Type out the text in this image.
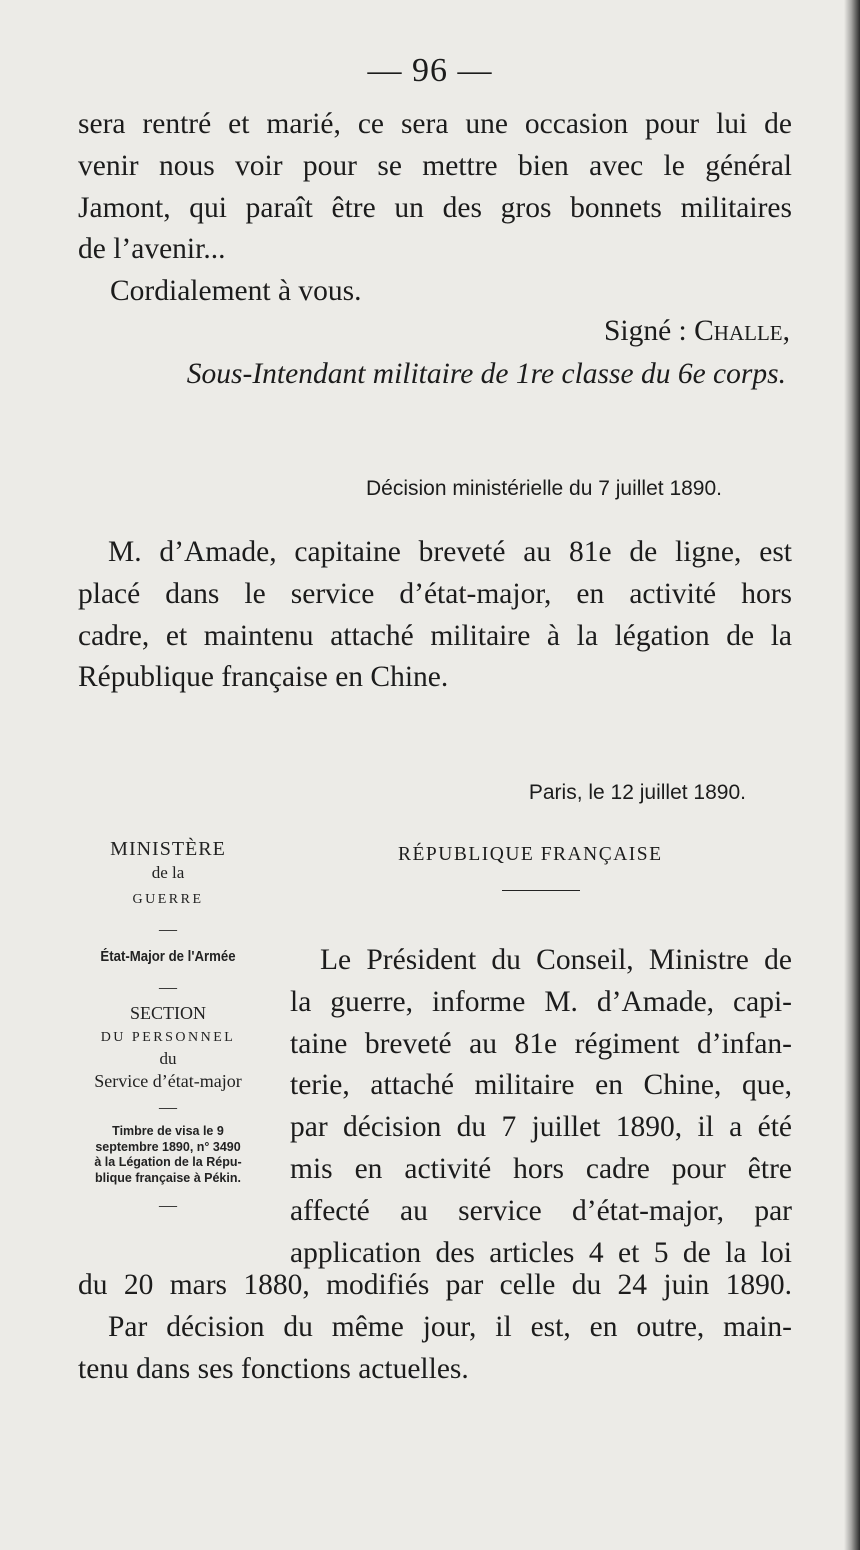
— 96 —
sera rentré et marié, ce sera une occasion pour lui de
venir nous voir pour se mettre bien avec le général
Jamont, qui paraît être un des gros bonnets militaires
de l’avenir...
Cordialement à vous.
Signé : Challe,
Sous-Intendant militaire de 1re classe du 6e corps.
Décision ministérielle du 7 juillet 1890.
M. d’Amade, capitaine breveté au 81e de ligne, est
placé dans le service d’état-major, en activité hors
cadre, et maintenu attaché militaire à la légation de la
République française en Chine.
Paris, le 12 juillet 1890.
MINISTÈRE
de la
GUERRE
—
État-Major de l'Armée
—
SECTION
DU PERSONNEL
du
Service d’état-major
—
Timbre de visa le 9
septembre 1890, n° 3490
à la Légation de la Répu-
blique française à Pékin.
—
RÉPUBLIQUE FRANÇAISE
Le Président du Conseil, Ministre de
la guerre, informe M. d’Amade, capi-
taine breveté au 81e régiment d’infan-
terie, attaché militaire en Chine, que,
par décision du 7 juillet 1890, il a été
mis en activité hors cadre pour être
affecté au service d’état-major, par
application des articles 4 et 5 de la loi
du 20 mars 1880, modifiés par celle du 24 juin 1890.
Par décision du même jour, il est, en outre, main-
tenu dans ses fonctions actuelles.
